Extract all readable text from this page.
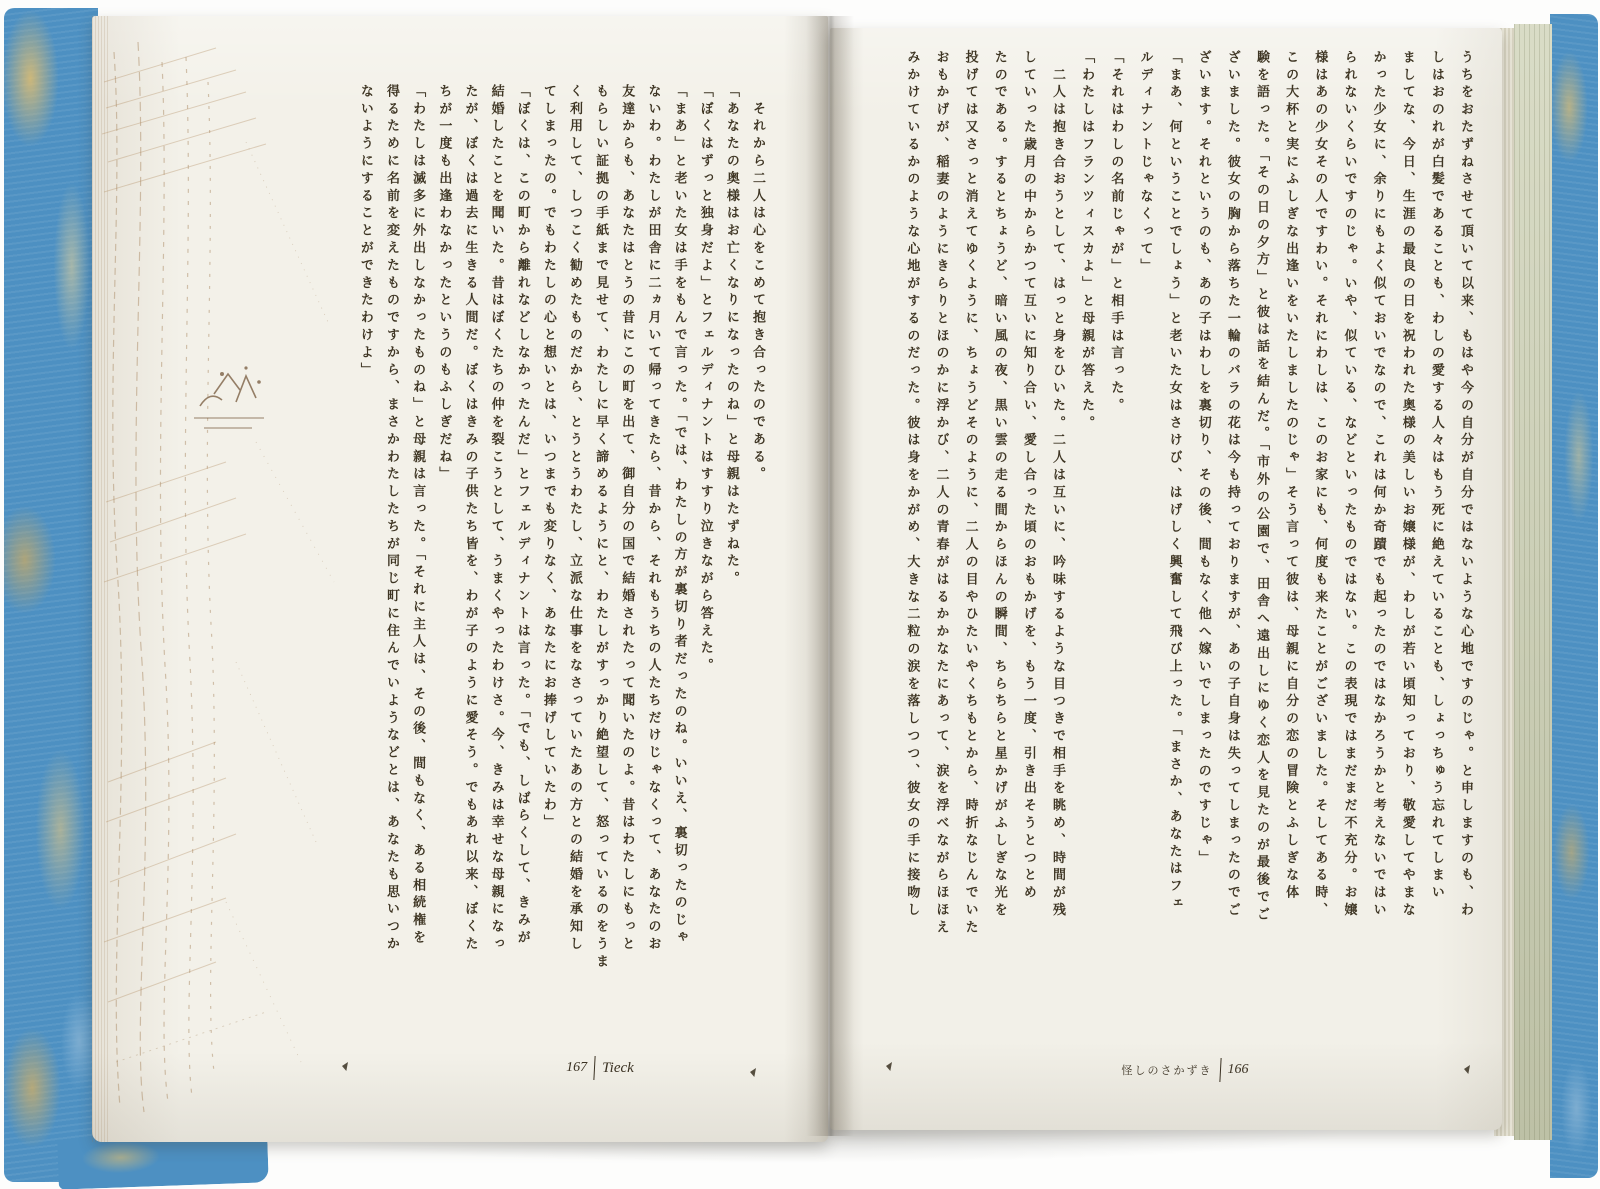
うちをおたずねさせて頂いて以来、もはや今の自分が自分ではないような心地ですのじゃ。と申しますのも、わ
しはおのれが白髪であることも、わしの愛する人々はもう死に絶えていることも、しょっちゅう忘れてしまい
ましてな、今日、生涯の最良の日を祝われた奥様の美しいお嬢様が、わしが若い頃知っており、敬愛してやまな
かった少女に、余りにもよく似ておいでなので、これは何か奇蹟でも起ったのではなかろうかと考えないではい
られないくらいですのじゃ。いや、似ている、などといったものではない。この表現ではまだまだ不充分。お嬢
様はあの少女その人ですわい。それにわしは、このお家にも、何度も来たことがございました。そしてある時、
この大杯と実にふしぎな出逢いをいたしましたのじゃ」そう言って彼は、母親に自分の恋の冒険とふしぎな体
験を語った。「その日の夕方」と彼は話を結んだ。「市外の公園で、田舎へ遠出しにゆく恋人を見たのが最後でご
ざいました。彼女の胸から落ちた一輪のバラの花は今も持っておりますが、あの子自身は失ってしまったのでご
ざいます。それというのも、あの子はわしを裏切り、その後、間もなく他へ嫁いでしまったのですじゃ」
「まあ、何ということでしょう」と老いた女はさけび、はげしく興奮して飛び上った。「まさか、あなたはフェ
ルディナントじゃなくって」
「それはわしの名前じゃが」と相手は言った。
「わたしはフランツィスカよ」と母親が答えた。
　二人は抱き合おうとして、はっと身をひいた。二人は互いに、吟味するような目つきで相手を眺め、時間が残
していった歳月の中からかつて互いに知り合い、愛し合った頃のおもかげを、もう一度、引き出そうとつとめ
たのである。するとちょうど、暗い風の夜、黒い雲の走る間からほんの瞬間、ちらちらと星かげがふしぎな光を
投げては又さっと消えてゆくように、ちょうどそのように、二人の目やひたいやくちもとから、時折なじんでいた
おもかげが、稲妻のようにきらりとほのかに浮かび、二人の青春がはるかかなたにあって、涙を浮べながらほほえ
みかけているかのような心地がするのだった。彼は身をかがめ、大きな二粒の涙を落しつつ、彼女の手に接吻し
　それから二人は心をこめて抱き合ったのである。
「あなたの奥様はお亡くなりになったのね」と母親はたずねた。
「ぼくはずっと独身だよ」とフェルディナントはすすり泣きながら答えた。
「まあ」と老いた女は手をもんで言った。「では、わたしの方が裏切り者だったのね。いいえ、裏切ったのじゃ
ないわ。わたしが田舎に二ヵ月いて帰ってきたら、昔から、それもうちの人たちだけじゃなくって、あなたのお
友達からも、あなたはとうの昔にこの町を出て、御自分の国で結婚されたって聞いたのよ。昔はわたしにもっと
もらしい証拠の手紙まで見せて、わたしに早く諦めるようにと、わたしがすっかり絶望して、怒っているのをうま
く利用して、しつこく勧めたものだから、とうとうわたし、立派な仕事をなさっていたあの方との結婚を承知し
てしまったの。でもわたしの心と想いとは、いつまでも変りなく、あなたにお捧げしていたわ」
「ぼくは、この町から離れなどしなかったんだ」とフェルディナントは言った。「でも、しばらくして、きみが
結婚したことを聞いた。昔はぼくたちの仲を裂こうとして、うまくやったわけさ。今、きみは幸せな母親になっ
たが、ぼくは過去に生きる人間だ。ぼくはきみの子供たち皆を、わが子のように愛そう。でもあれ以来、ぼくた
ちが一度も出逢わなかったというのもふしぎだね」
「わたしは滅多に外出しなかったものね」と母親は言った。「それに主人は、その後、間もなく、ある相続権を
得るために名前を変えたものですから、まさかわたしたちが同じ町に住んでいようなどとは、あなたも思いつか
ないようにすることができたわけよ」
167 Tieck	怪しのさかずき 166
